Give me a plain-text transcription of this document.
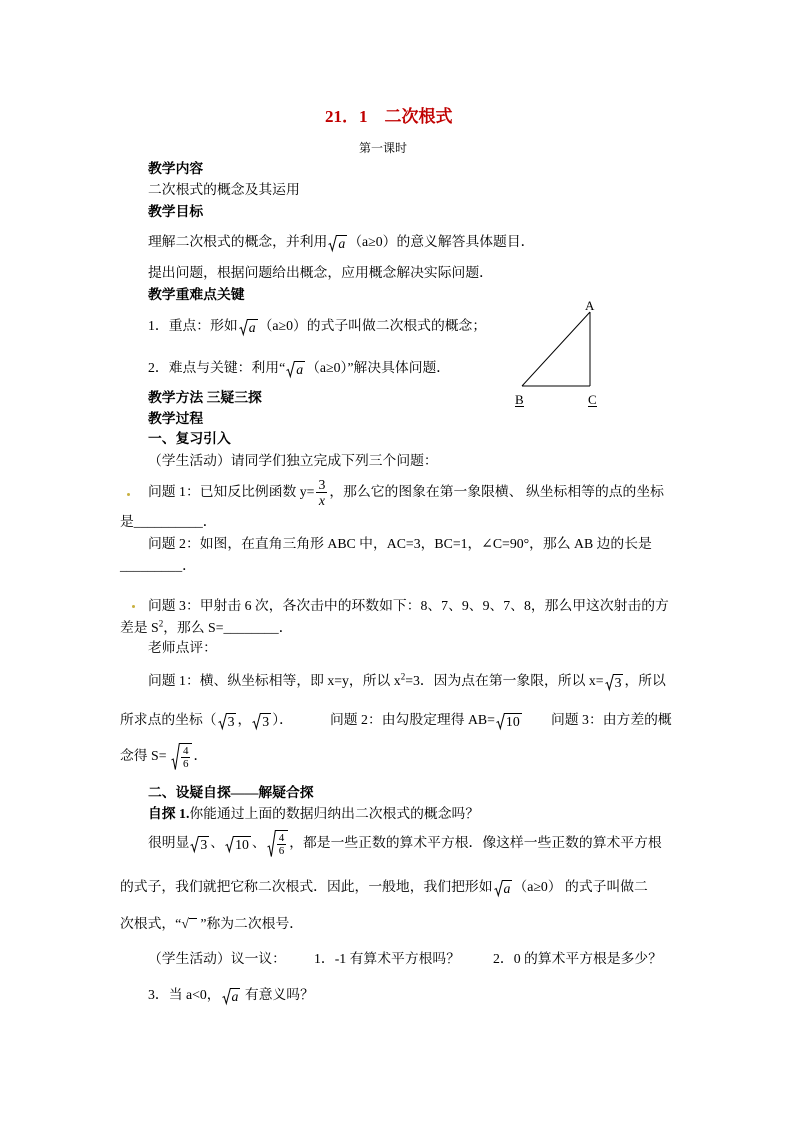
21．1　二次根式
第一课时
教学内容
二次根式的概念及其运用
教学目标
理解二次根式的概念，并利用 a （a≥0）的意义解答具体题目．
提出问题，根据问题给出概念，应用概念解决实际问题．
教学重难点关键
1．重点：形如 a （a≥0）的式子叫做二次根式的概念；
2．难点与关键：利用“ a （a≥0）”解决具体问题．
A
B	C
教学方法 三疑三探
教学过程
一、复习引入
（学生活动）请同学们独立完成下列三个问题：
问题 1：已知反比例函数 $y= \frac{3}{x}$ ，那么它的图象在第一象限横、 纵坐标相等的点的坐标
是__________．
问题 2：如图，在直角三角形 ABC 中，AC=3，BC=1，∠C=90°，那么 AB 边的长是
_________．
问题 3：甲射击 6 次，各次击中的环数如下：8、7、9、9、7、8，那么甲这次射击的方
差是 $S^2$，那么 S=________．
老师点评：
问题 1：横、纵坐标相等，即 x=y，所以 $x^2=3$．因为点在第一象限，所以 x= 3 ，所以
所求点的坐标（ 3 ， 3 ）．	问题 2：由勾股定理得 AB= 10 问题 3：由方差的概
念得 $S= \frac{4}{6}$ ．
二、设疑自探——解疑合探
自探 1.你能通过上面的数据归纳出二次根式的概念吗？
很明显 3 、 10 、 $\frac{4}{6}$ ，都是一些正数的算术平方根．像这样一些正数的算术平方根
的式子，我们就把它称二次根式．因此，一般地，我们把形如 a （a≥0） 的式子叫做二
次根式，“√ ”称为二次根号．
（学生活动）议一议： 1．-1 有算术平方根吗？ 2．0 的算术平方根是多少？
3．当 a<0， a 有意义吗？
